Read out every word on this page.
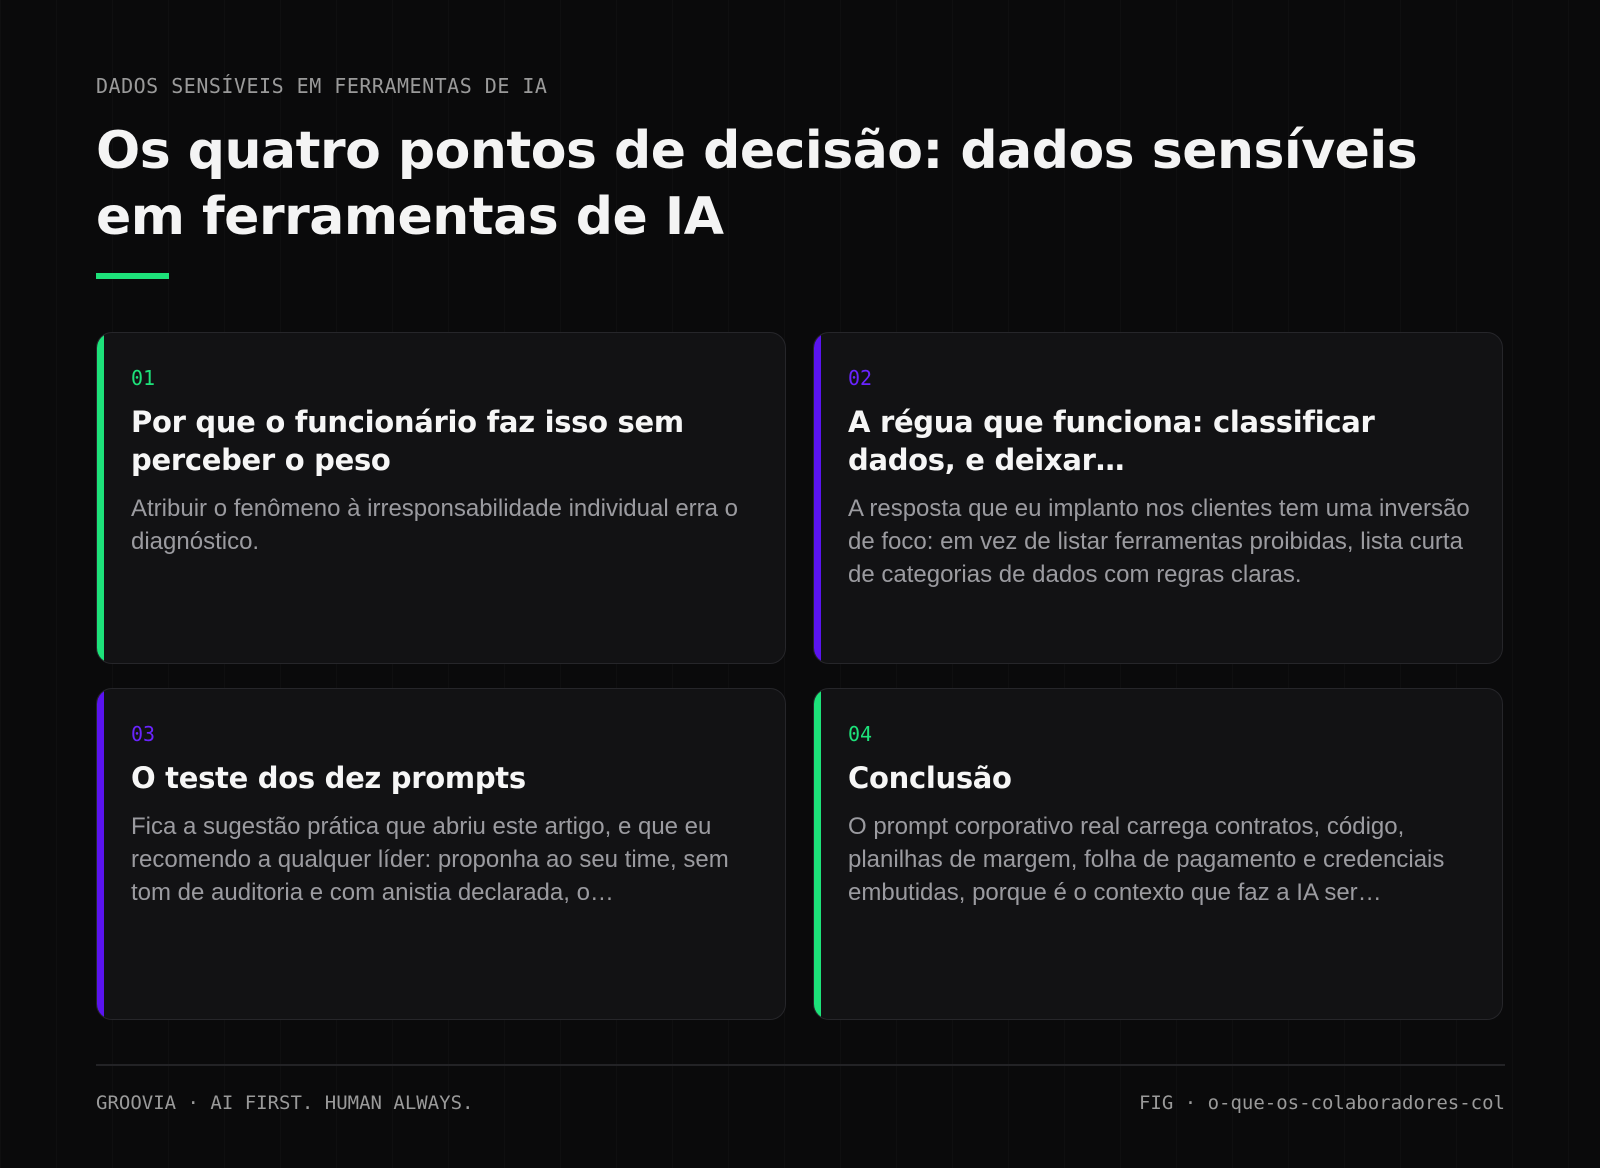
DADOS SENSÍVEIS EM FERRAMENTAS DE IA
Os quatro pontos de decisão: dados sensíveis em ferramentas de IA
01
Por que o funcionário faz isso sem perceber o peso

Atribuir o fenômeno à irresponsabilidade individual erra o diagnóstico.

02
A régua que funciona: classificar dados, e deixar…

A resposta que eu implanto nos clientes tem uma inversão de foco: em vez de listar ferramentas proibidas, lista curta de categorias de dados com regras claras.

03
O teste dos dez prompts

Fica a sugestão prática que abriu este artigo, e que eu recomendo a qualquer líder: proponha ao seu time, sem tom de auditoria e com anistia declarada, o…

04
Conclusão

O prompt corporativo real carrega contratos, código, planilhas de margem, folha de pagamento e credenciais embutidas, porque é o contexto que faz a IA ser…

GROOVIA · AI FIRST. HUMAN ALWAYS.	FIG · o-que-os-colaboradores-col
